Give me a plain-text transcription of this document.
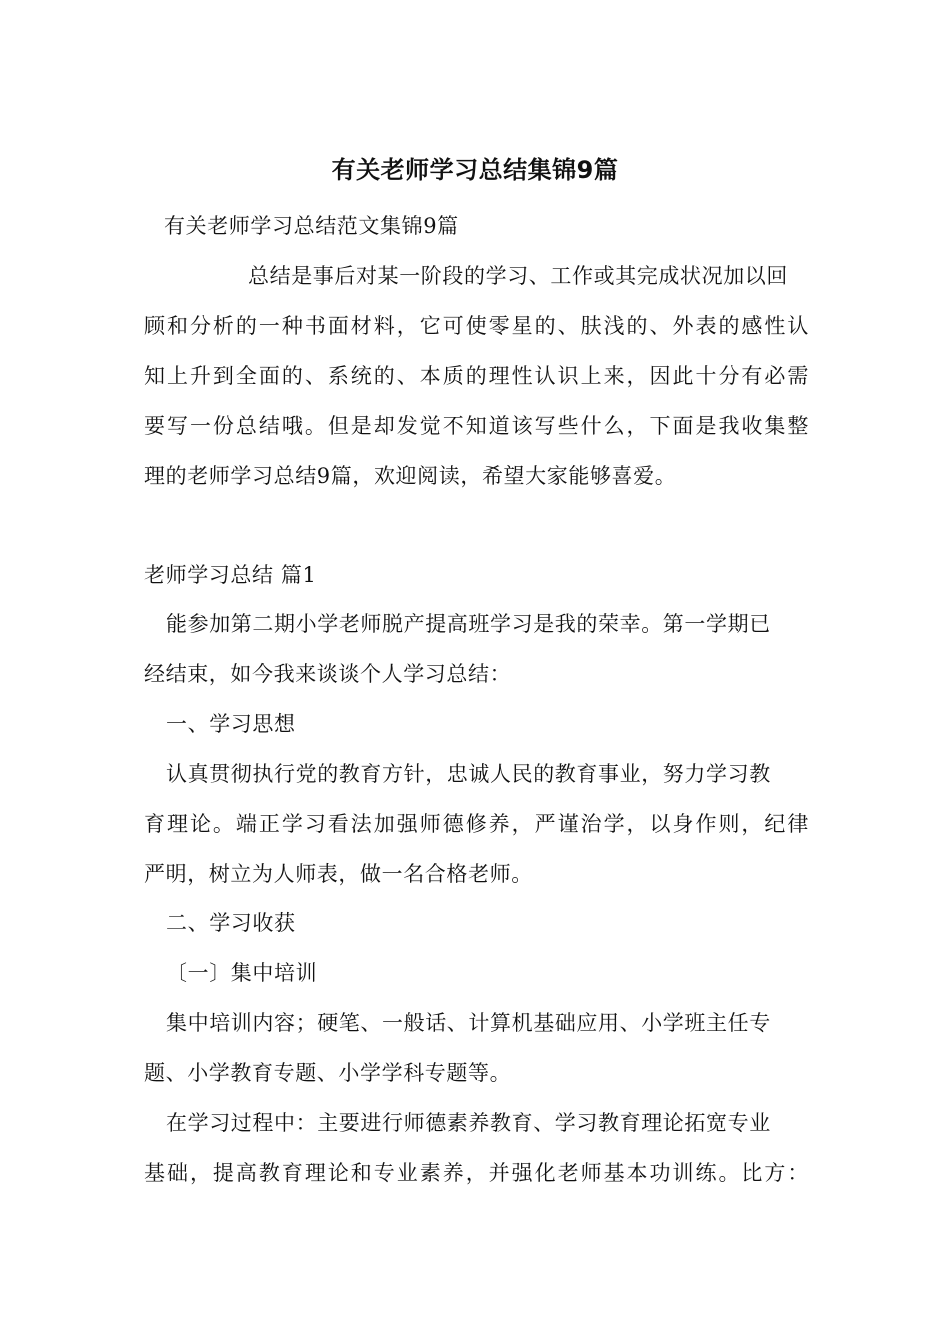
有关老师学习总结集锦9篇
有关老师学习总结范文集锦9篇
总结是事后对某一阶段的学习、工作或其完成状况加以回
顾和分析的一种书面材料，它可使零星的、肤浅的、外表的感性认
知上升到全面的、系统的、本质的理性认识上来，因此十分有必需
要写一份总结哦。但是却发觉不知道该写些什么，下面是我收集整
理的老师学习总结9篇，欢迎阅读，希望大家能够喜爱。
老师学习总结 篇1
能参加第二期小学老师脱产提高班学习是我的荣幸。第一学期已
经结束，如今我来谈谈个人学习总结：
一、学习思想
认真贯彻执行党的教育方针，忠诚人民的教育事业，努力学习教
育理论。端正学习看法加强师德修养，严谨治学，以身作则，纪律
严明，树立为人师表，做一名合格老师。
二、学习收获
〔一〕集中培训
集中培训内容；硬笔、一般话、计算机基础应用、小学班主任专
题、小学教育专题、小学学科专题等。
在学习过程中：主要进行师德素养教育、学习教育理论拓宽专业
基础，提高教育理论和专业素养，并强化老师基本功训练。比方：
